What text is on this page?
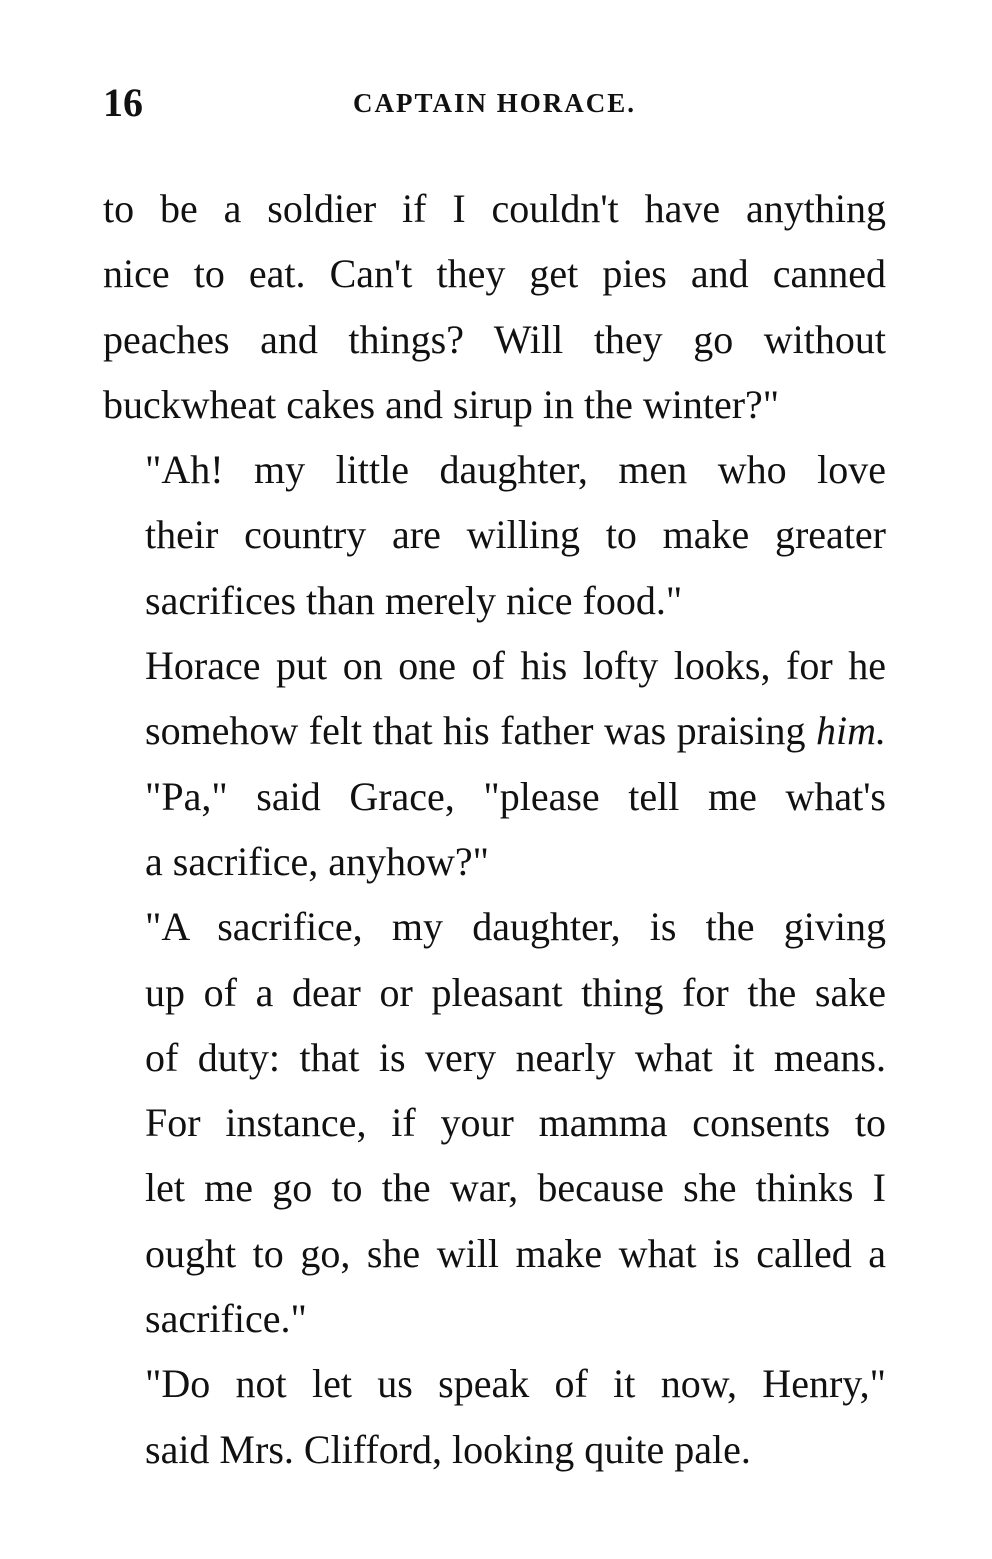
16	CAPTAIN HORACE.

to be a soldier if I couldn't have anything
nice to eat. Can't they get pies and canned
peaches and things? Will they go without
buckwheat cakes and sirup in the winter?"

"Ah! my little daughter, men who love
their country are willing to make greater
sacrifices than merely nice food."

Horace put on one of his lofty looks, for he
somehow felt that his father was praising him.

"Pa," said Grace, "please tell me what's
a sacrifice, anyhow?"

"A sacrifice, my daughter, is the giving
up of a dear or pleasant thing for the sake
of duty: that is very nearly what it means.
For instance, if your mamma consents to
let me go to the war, because she thinks I
ought to go, she will make what is called a
sacrifice."

"Do not let us speak of it now, Henry,"
said Mrs. Clifford, looking quite pale.
